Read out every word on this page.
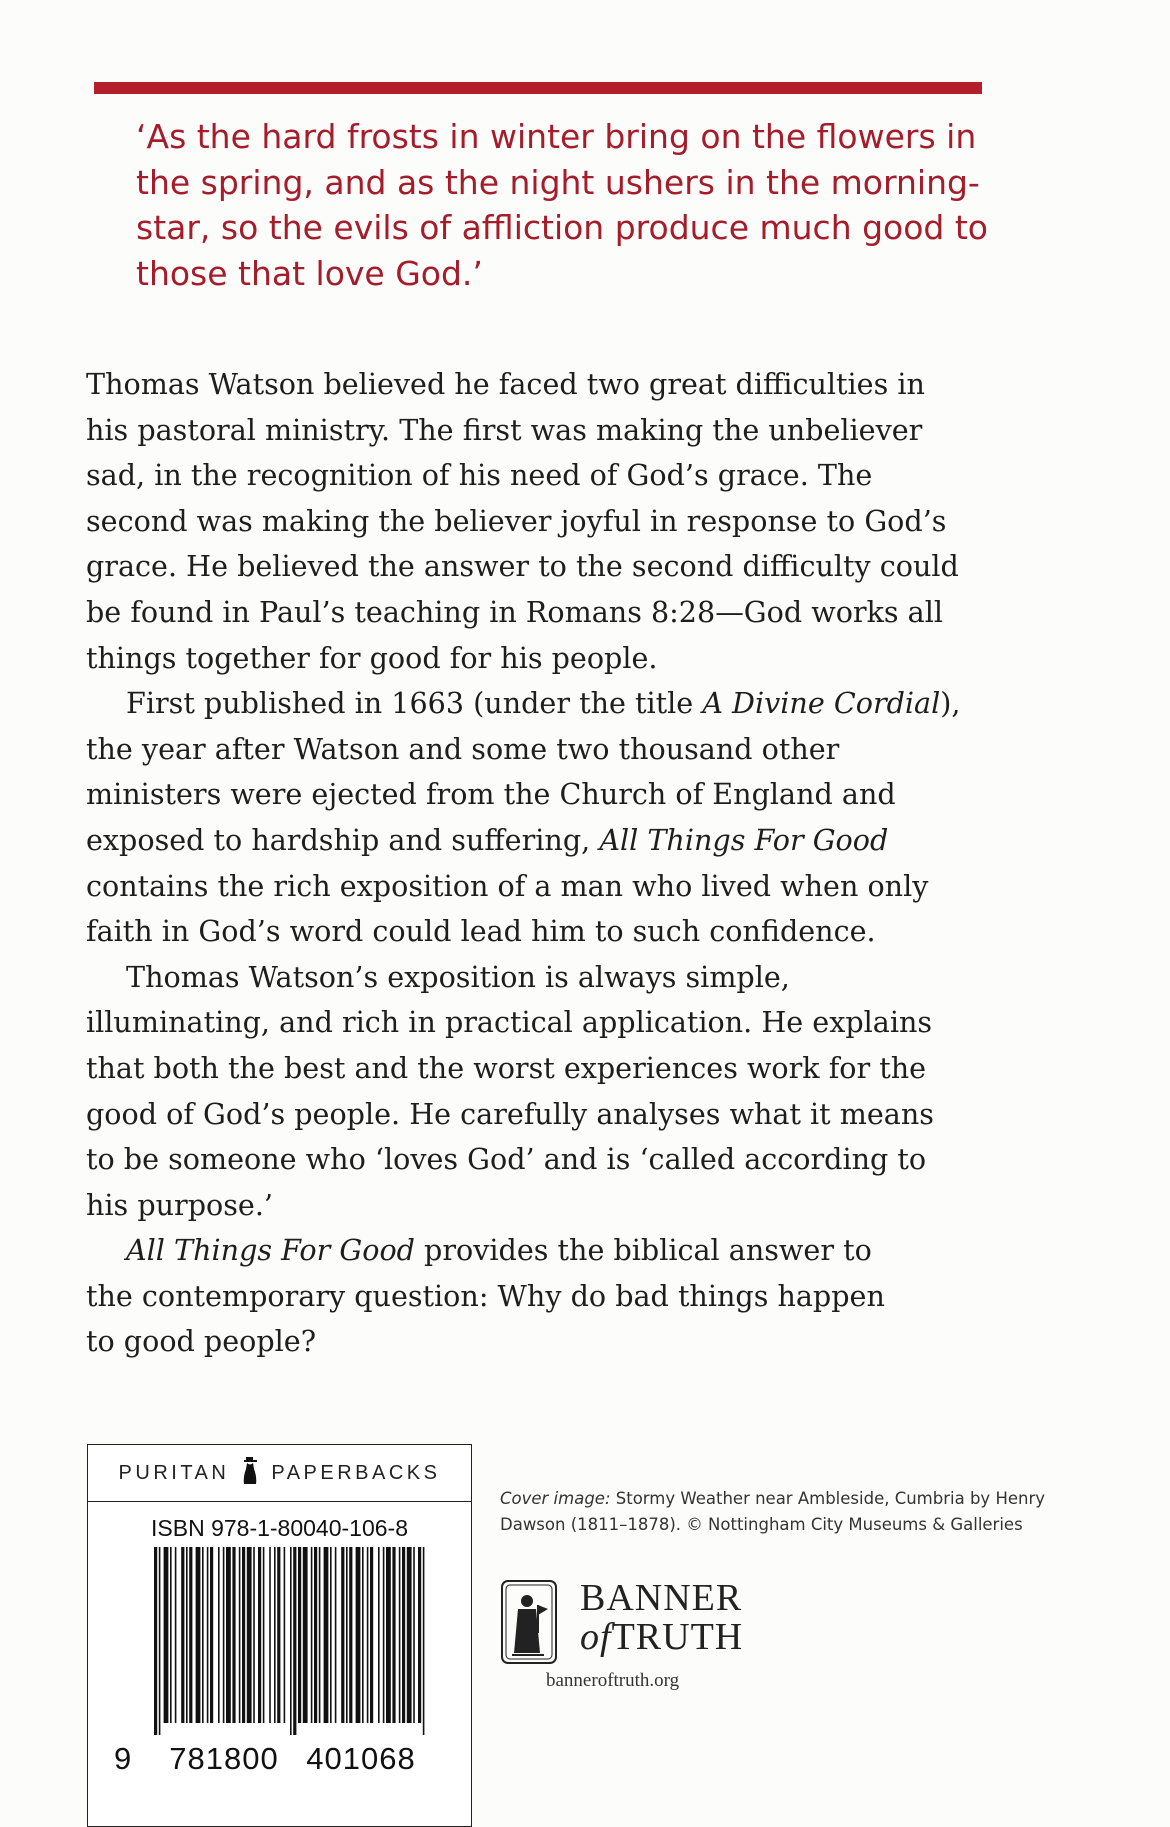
‘As the hard frosts in winter bring on the flowers in
the spring, and as the night ushers in the morning-
star, so the evils of affliction produce much good to
those that love God.’

Thomas Watson believed he faced two great difficulties in
his pastoral ministry. The first was making the unbeliever
sad, in the recognition of his need of God’s grace. The
second was making the believer joyful in response to God’s
grace. He believed the answer to the second difficulty could
be found in Paul’s teaching in Romans 8:28—God works all
things together for good for his people.

First published in 1663 (under the title A Divine Cordial),
the year after Watson and some two thousand other
ministers were ejected from the Church of England and
exposed to hardship and suffering, All Things For Good
contains the rich exposition of a man who lived when only
faith in God’s word could lead him to such confidence.

Thomas Watson’s exposition is always simple,
illuminating, and rich in practical application. He explains
that both the best and the worst experiences work for the
good of God’s people. He carefully analyses what it means
to be someone who ‘loves God’ and is ‘called according to
his purpose.’

All Things For Good provides the biblical answer to
the contemporary question: Why do bad things happen
to good people?

PURITAN PAPERBACKS
ISBN 978-1-80040-106-8
9 781800 401068
Cover image: Stormy Weather near Ambleside, Cumbria by Henry Dawson (1811–1878). © Nottingham City Museums & Galleries
BANNER
ofTRUTH
banneroftruth.org
